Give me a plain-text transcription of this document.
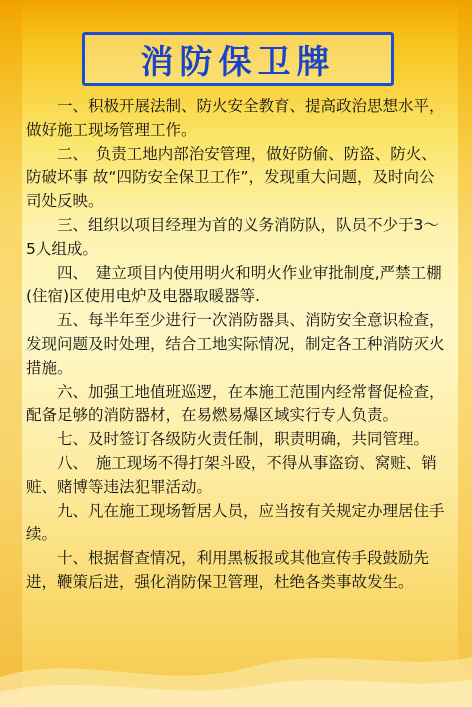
消防保卫牌

一、积极开展法制、防火安全教育、提高政治思想水平，做好施工现场管理工作。

二、　负责工地内部治安管理，做好防偷、防盗、防火、防破坏事 故“四防安全保卫工作”，发现重大问题，及时向公司处反映。

三、组织以项目经理为首的义务消防队，队员不少于3～5人组成。

四、　建立项目内使用明火和明火作业审批制度,严禁工棚(住宿)区使用电炉及电器取暖器等.

五、每半年至少进行一次消防器具、消防安全意识检查，发现问题及时处理，结合工地实际情况，制定各工种消防灭火措施。

六、加强工地值班巡逻，在本施工范围内经常督促检查，配备足够的消防器材，在易燃易爆区域实行专人负责。

七、及时签订各级防火责任制，职责明确，共同管理。

八、　施工现场不得打架斗殴，不得从事盗窃、窝赃、销赃、赌博等违法犯罪活动。

九、凡在施工现场暂居人员，应当按有关规定办理居住手续。

十、根据督查情况，利用黑板报或其他宣传手段鼓励先进，鞭策后进，强化消防保卫管理，杜绝各类事故发生。
